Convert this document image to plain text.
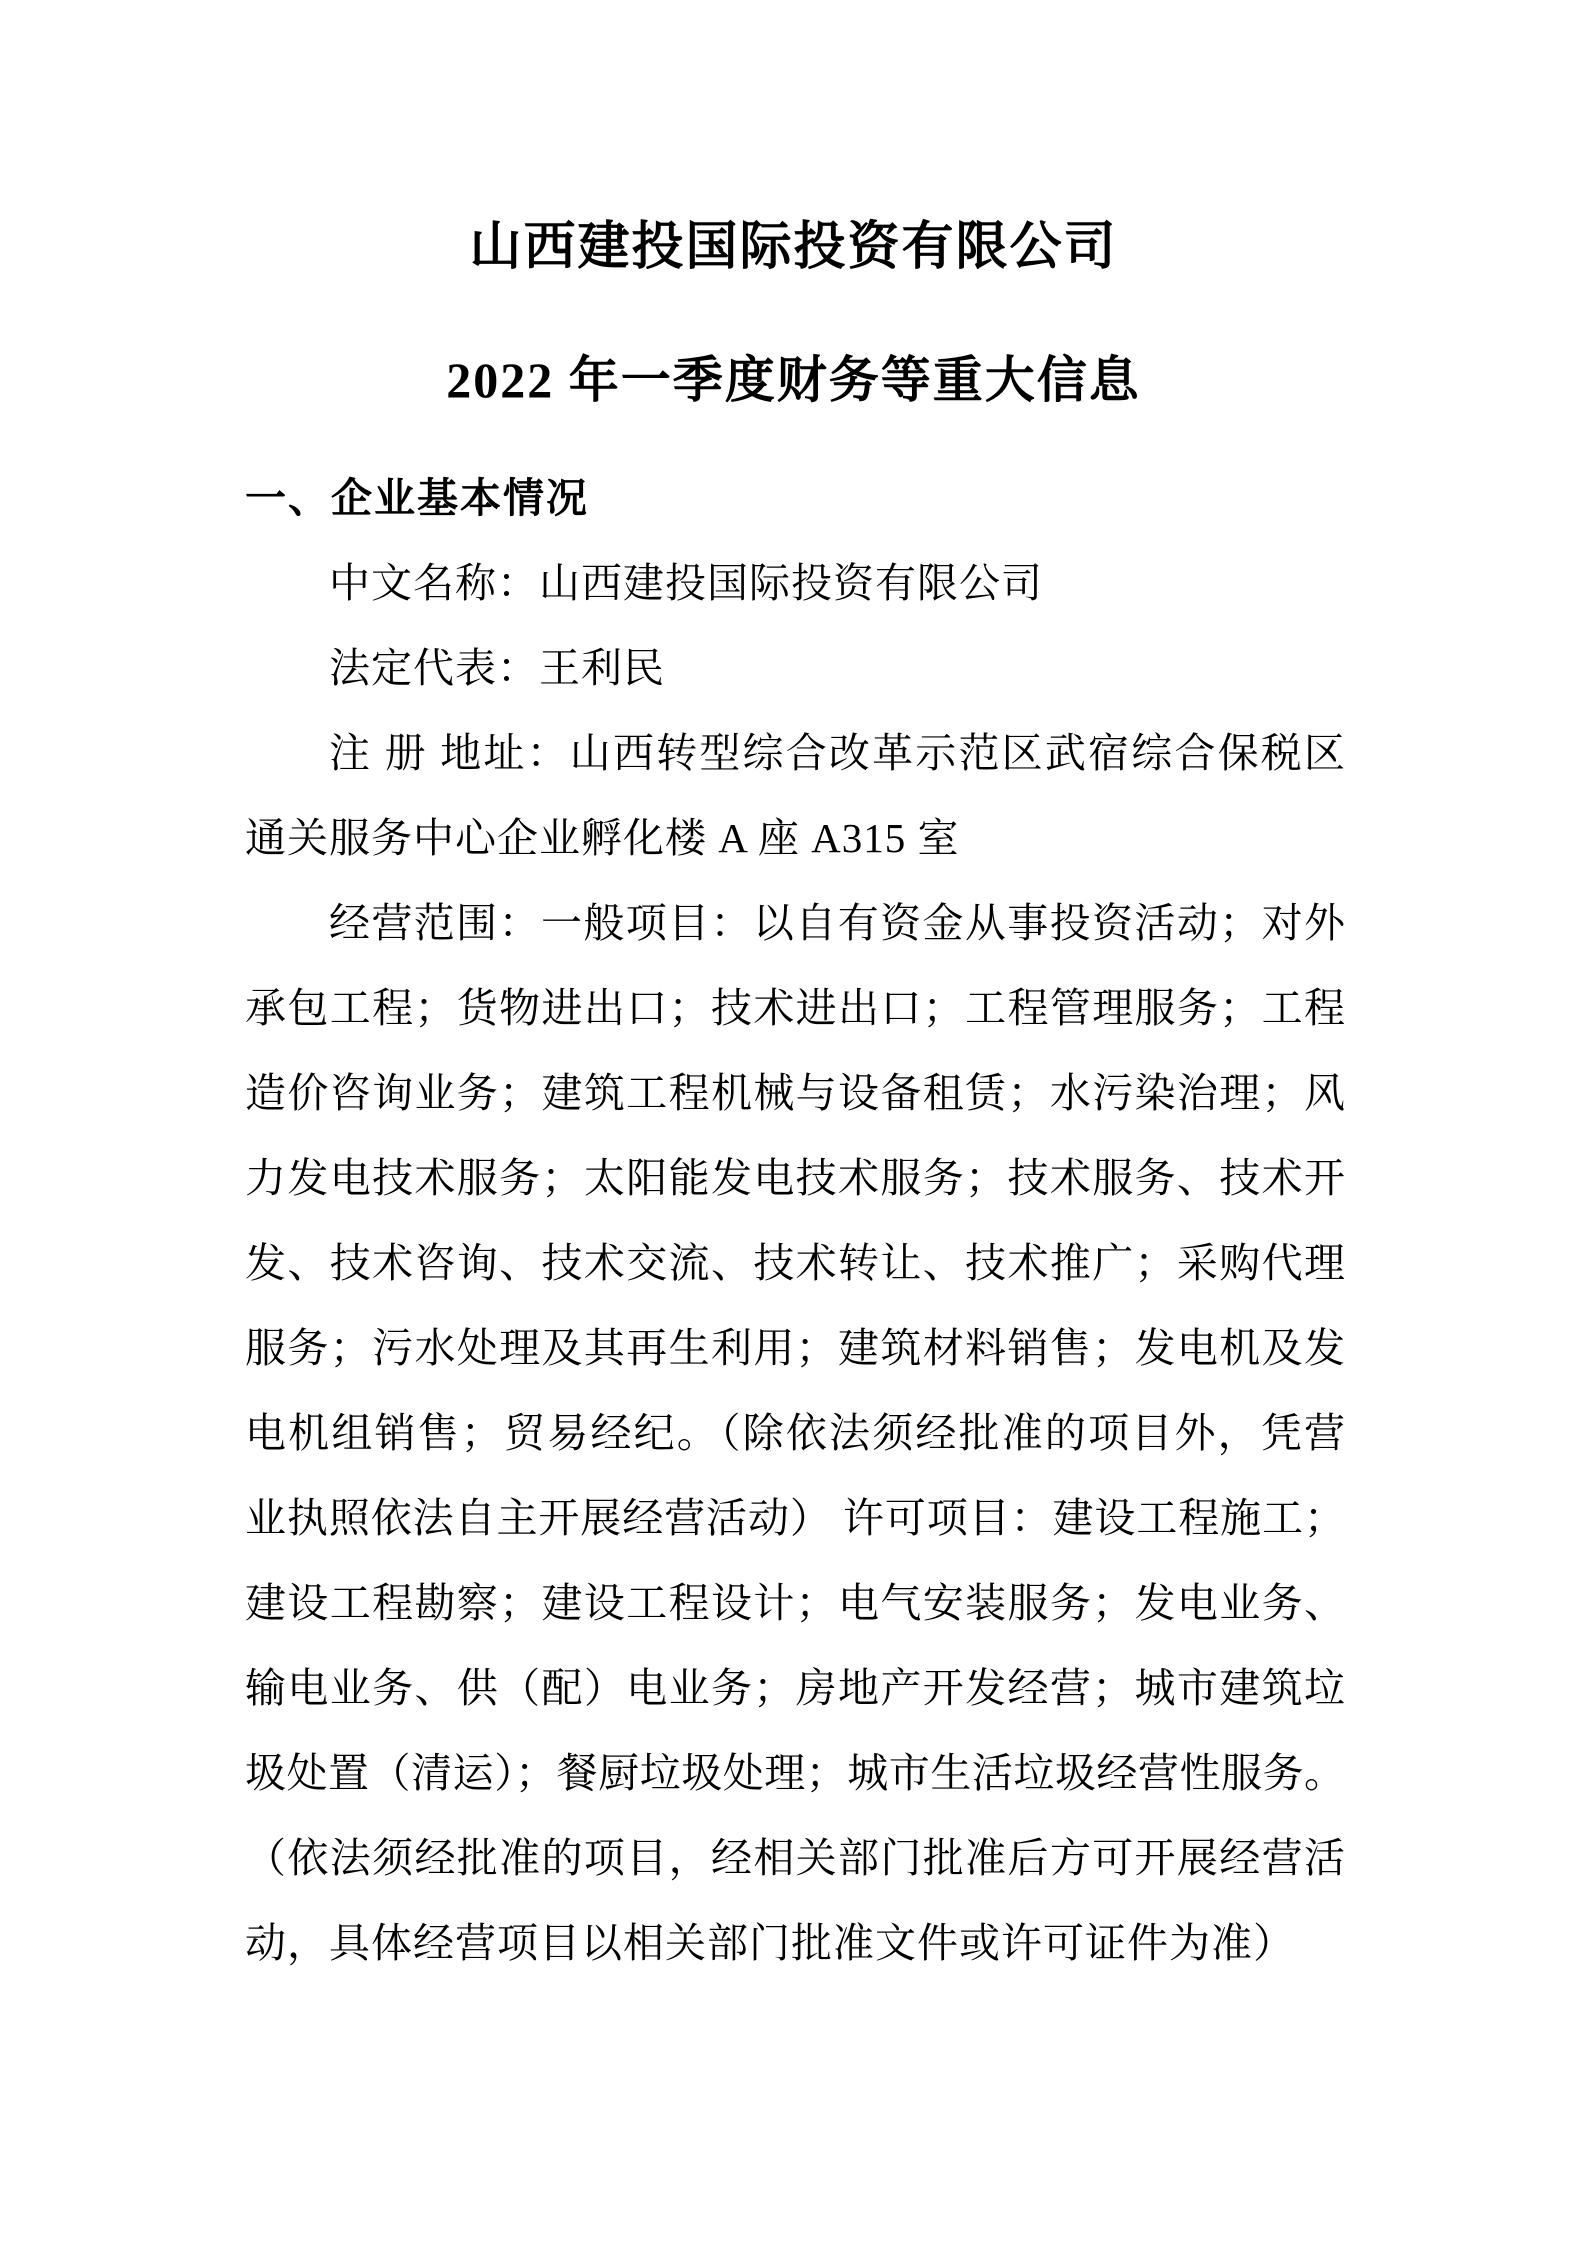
山西建投国际投资有限公司
2022 年一季度财务等重大信息
一、企业基本情况
中文名称：山西建投国际投资有限公司
法定代表：王利民
注 册 地址：山西转型综合改革示范区武宿综合保税区
通关服务中心企业孵化楼 A 座 A315 室
经营范围：一般项目：以自有资金从事投资活动；对外
承包工程；货物进出口；技术进出口；工程管理服务；工程
造价咨询业务；建筑工程机械与设备租赁；水污染治理；风
力发电技术服务；太阳能发电技术服务；技术服务、技术开
发、技术咨询、技术交流、技术转让、技术推广；采购代理
服务；污水处理及其再生利用；建筑材料销售；发电机及发
电机组销售；贸易经纪。（除依法须经批准的项目外，凭营
业执照依法自主开展经营活动） 许可项目：建设工程施工；
建设工程勘察；建设工程设计；电气安装服务；发电业务、
输电业务、供（配）电业务；房地产开发经营；城市建筑垃
圾处置（清运）；餐厨垃圾处理；城市生活垃圾经营性服务。
（依法须经批准的项目，经相关部门批准后方可开展经营活
动，具体经营项目以相关部门批准文件或许可证件为准）
